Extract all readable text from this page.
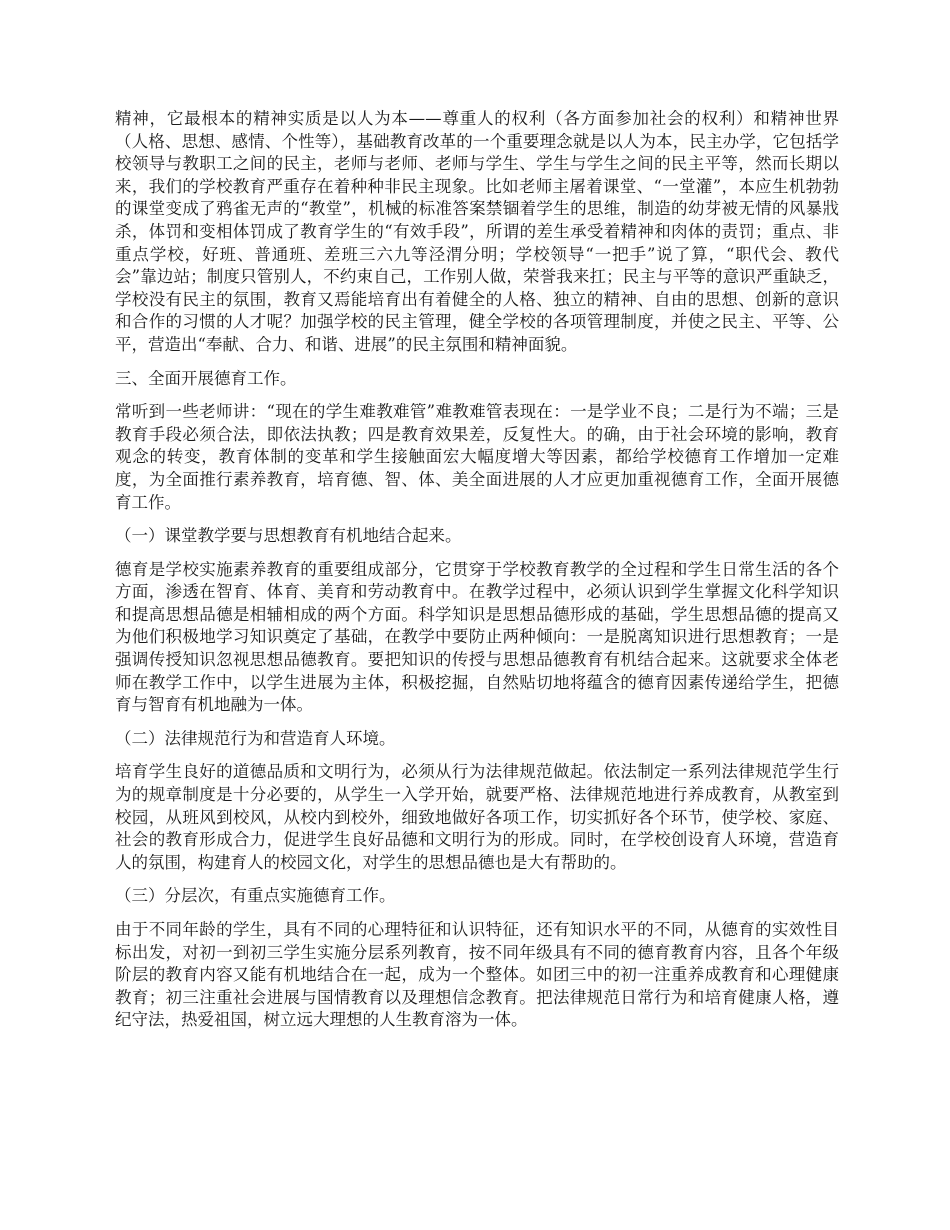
精神，它最根本的精神实质是以人为本——尊重人的权利（各方面参加社会的权利）和精神世界（人格、思想、感情、个性等），基础教育改革的一个重要理念就是以人为本，民主办学，它包括学校领导与教职工之间的民主，老师与老师、老师与学生、学生与学生之间的民主平等，然而长期以来，我们的学校教育严重存在着种种非民主现象。比如老师主屠着课堂、“一堂灌”，本应生机勃勃的课堂变成了鸦雀无声的“教堂”，机械的标准答案禁锢着学生的思维，制造的幼芽被无情的风暴戕杀，体罚和变相体罚成了教育学生的“有效手段”，所谓的差生承受着精神和肉体的责罚；重点、非重点学校，好班、普通班、差班三六九等泾渭分明；学校领导“一把手”说了算，“职代会、教代会”靠边站；制度只管别人，不约束自己，工作别人做，荣誉我来扛；民主与平等的意识严重缺乏，学校没有民主的氛围，教育又焉能培育出有着健全的人格、独立的精神、自由的思想、创新的意识和合作的习惯的人才呢？加强学校的民主管理，健全学校的各项管理制度，并使之民主、平等、公平，营造出“奉献、合力、和谐、进展”的民主氛围和精神面貌。

三、全面开展德育工作。

常听到一些老师讲：“现在的学生难教难管”难教难管表现在：一是学业不良；二是行为不端；三是教育手段必须合法，即依法执教；四是教育效果差，反复性大。的确，由于社会环境的影响，教育观念的转变，教育体制的变革和学生接触面宏大幅度增大等因素，都给学校德育工作增加一定难度，为全面推行素养教育，培育德、智、体、美全面进展的人才应更加重视德育工作，全面开展德育工作。

（一）课堂教学要与思想教育有机地结合起来。

德育是学校实施素养教育的重要组成部分，它贯穿于学校教育教学的全过程和学生日常生活的各个方面，渗透在智育、体育、美育和劳动教育中。在教学过程中，必须认识到学生掌握文化科学知识和提高思想品德是相辅相成的两个方面。科学知识是思想品德形成的基础，学生思想品德的提高又为他们积极地学习知识奠定了基础，在教学中要防止两种倾向：一是脱离知识进行思想教育；一是强调传授知识忽视思想品德教育。要把知识的传授与思想品德教育有机结合起来。这就要求全体老师在教学工作中，以学生进展为主体，积极挖掘，自然贴切地将蕴含的德育因素传递给学生，把德育与智育有机地融为一体。

（二）法律规范行为和营造育人环境。

培育学生良好的道德品质和文明行为，必须从行为法律规范做起。依法制定一系列法律规范学生行为的规章制度是十分必要的，从学生一入学开始，就要严格、法律规范地进行养成教育，从教室到校园，从班风到校风，从校内到校外，细致地做好各项工作，切实抓好各个环节，使学校、家庭、社会的教育形成合力，促进学生良好品德和文明行为的形成。同时，在学校创设育人环境，营造育人的氛围，构建育人的校园文化，对学生的思想品德也是大有帮助的。

（三）分层次，有重点实施德育工作。

由于不同年龄的学生，具有不同的心理特征和认识特征，还有知识水平的不同，从德育的实效性目标出发，对初一到初三学生实施分层系列教育，按不同年级具有不同的德育教育内容，且各个年级阶层的教育内容又能有机地结合在一起，成为一个整体。如团三中的初一注重养成教育和心理健康教育；初三注重社会进展与国情教育以及理想信念教育。把法律规范日常行为和培育健康人格，遵纪守法，热爱祖国，树立远大理想的人生教育溶为一体。
